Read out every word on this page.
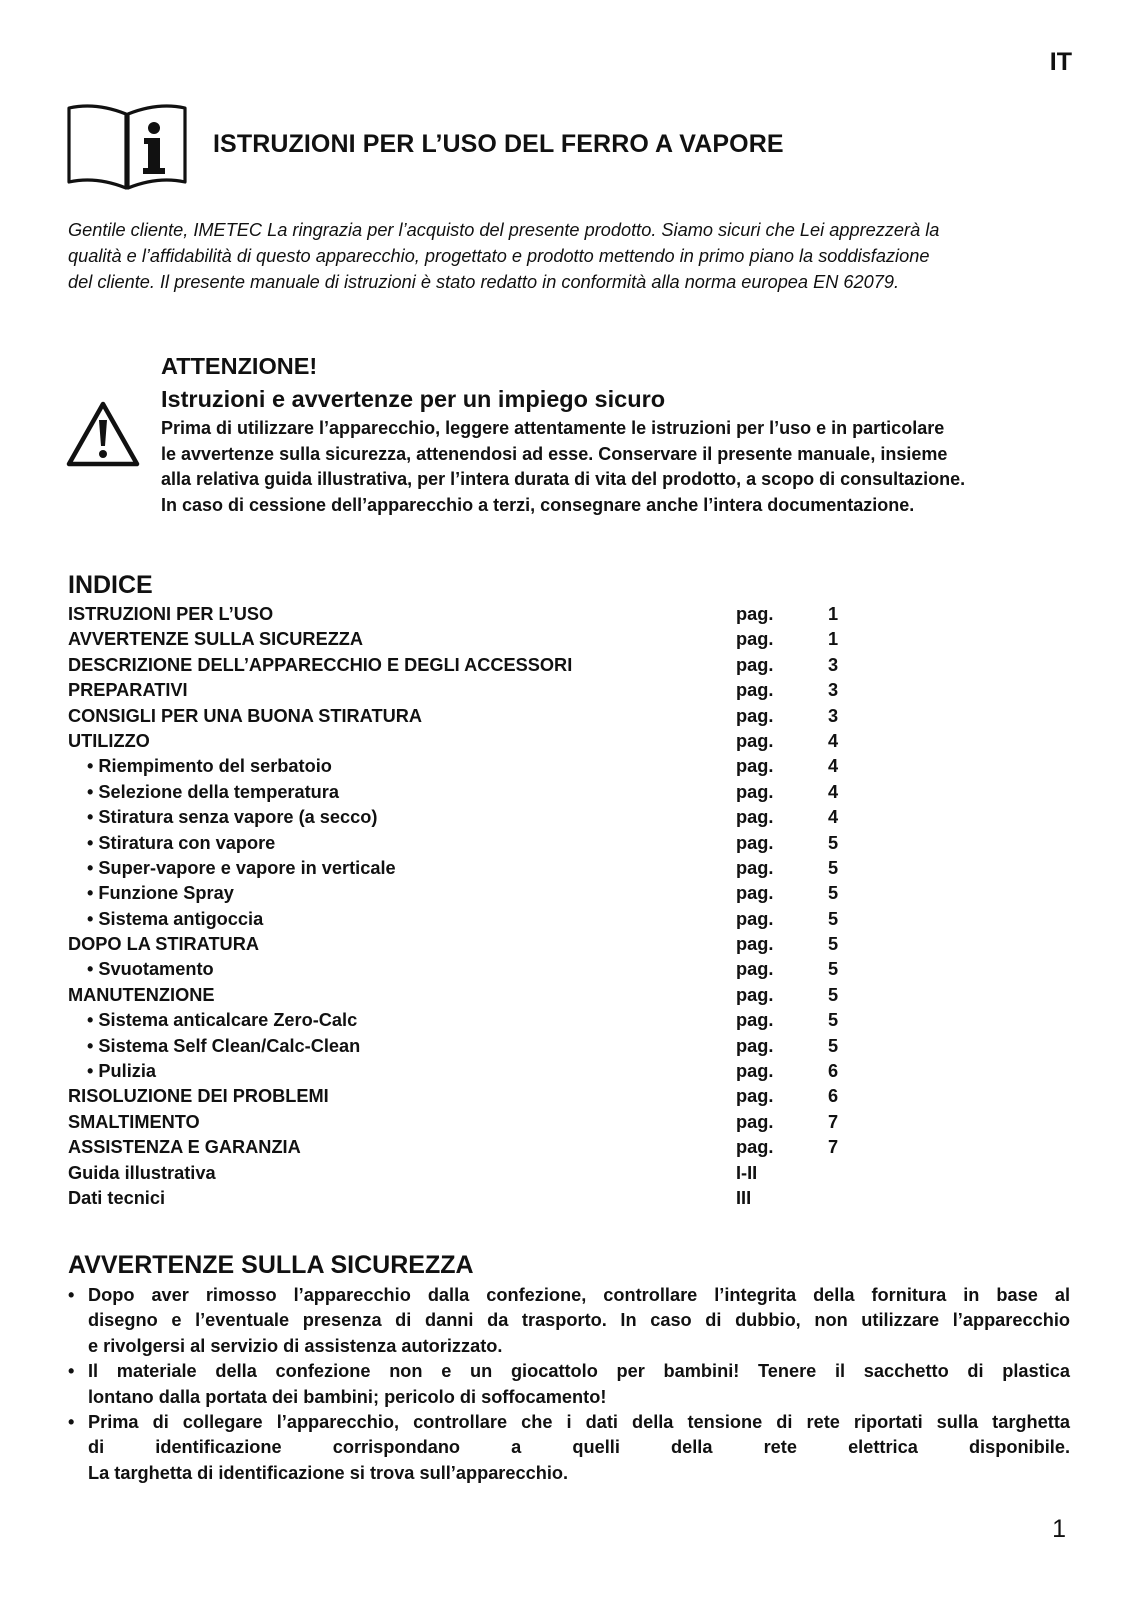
IT
ISTRUZIONI PER L’USO DEL FERRO A VAPORE
Gentile cliente, IMETEC La ringrazia per l’acquisto del presente prodotto. Siamo sicuri che Lei apprezzerà la
qualità e l’affidabilità di questo apparecchio, progettato e prodotto mettendo in primo piano la soddisfazione
del cliente. Il presente manuale di istruzioni è stato redatto in conformità alla norma europea EN 62079.
ATTENZIONE!
Istruzioni e avvertenze per un impiego sicuro
Prima di utilizzare l’apparecchio, leggere attentamente le istruzioni per l’uso e in particolare
le avvertenze sulla sicurezza, attenendosi ad esse. Conservare il presente manuale, insieme
alla relativa guida illustrativa, per l’intera durata di vita del prodotto, a scopo di consultazione.
In caso di cessione dell’apparecchio a terzi, consegnare anche l’intera documentazione.
INDICE
ISTRUZIONI PER L’USO	pag.	1
AVVERTENZE SULLA SICUREZZA	pag.	1
DESCRIZIONE DELL’APPARECCHIO E DEGLI ACCESSORI	pag.	3
PREPARATIVI	pag.	3
CONSIGLI PER UNA BUONA STIRATURA	pag.	3
UTILIZZO	pag.	4
• Riempimento del serbatoio	pag.	4
• Selezione della temperatura	pag.	4
• Stiratura senza vapore (a secco)	pag.	4
• Stiratura con vapore	pag.	5
• Super-vapore e vapore in verticale	pag.	5
• Funzione Spray	pag.	5
• Sistema antigoccia	pag.	5
DOPO LA STIRATURA	pag.	5
• Svuotamento	pag.	5
MANUTENZIONE	pag.	5
• Sistema anticalcare Zero-Calc	pag.	5
• Sistema Self Clean/Calc-Clean	pag.	5
• Pulizia	pag.	6
RISOLUZIONE DEI PROBLEMI	pag.	6
SMALTIMENTO	pag.	7
ASSISTENZA E GARANZIA	pag.	7
Guida illustrativa	I-II
Dati tecnici	III
AVVERTENZE SULLA SICUREZZA
• Dopo aver rimosso l’apparecchio dalla confezione, controllare l’integrita della fornitura in base al
disegno e l’eventuale presenza di danni da trasporto. In caso di dubbio, non utilizzare l’apparecchio
e rivolgersi al servizio di assistenza autorizzato.
• Il materiale della confezione non e un giocattolo per bambini! Tenere il sacchetto di plastica
lontano dalla portata dei bambini; pericolo di soffocamento!
• Prima di collegare l’apparecchio, controllare che i dati della tensione di rete riportati sulla targhetta
di identificazione corrispondano a quelli della rete elettrica disponibile.
La targhetta di identificazione si trova sull’apparecchio.
1
